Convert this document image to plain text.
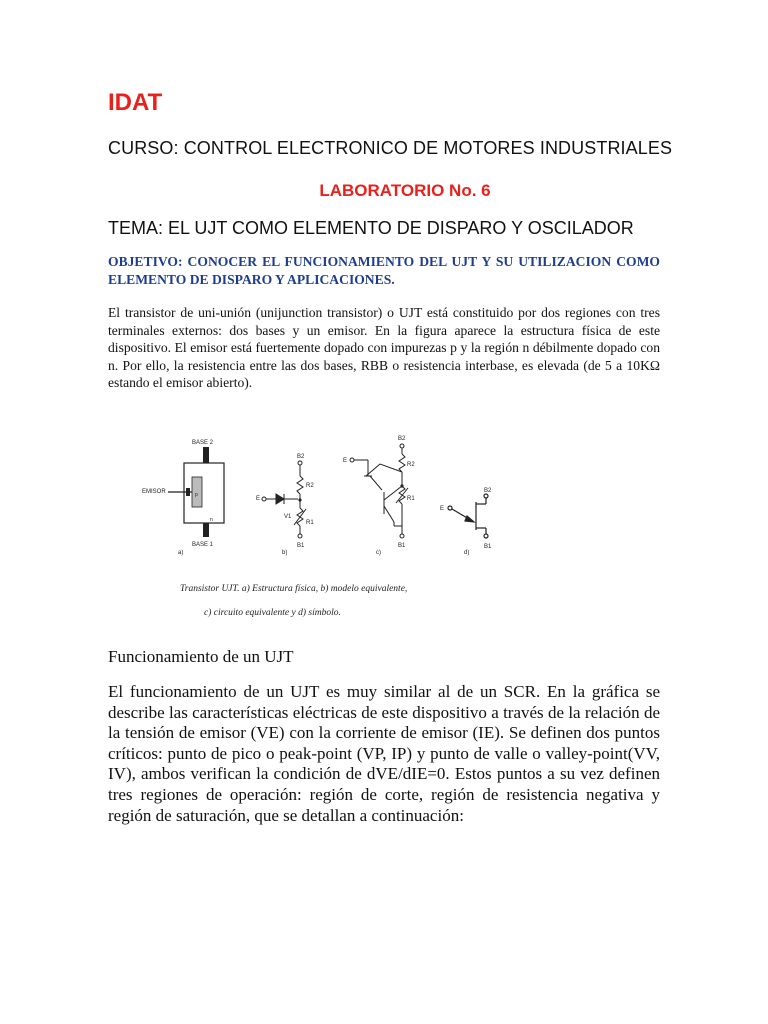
IDAT

CURSO: CONTROL ELECTRONICO DE MOTORES INDUSTRIALES

LABORATORIO No. 6

TEMA: EL UJT COMO ELEMENTO DE DISPARO Y OSCILADOR

OBJETIVO: CONOCER EL FUNCIONAMIENTO DEL UJT Y SU UTILIZACION COMO ELEMENTO DE DISPARO Y APLICACIONES.

El transistor de uni-unión (unijunction transistor) o UJT está constituido por dos regiones con tres terminales externos: dos bases y un emisor. En la figura aparece la estructura física de este dispositivo. El emisor está fuertemente dopado con impurezas p y la región n débilmente dopado con n. Por ello, la resistencia entre las dos bases, RBB o resistencia interbase, es elevada (de 5 a 10KΩ estando el emisor abierto).

BASE 2
p
EMISOR
n
BASE 1
a)
B2
R2
E
V1
R1
B1
b)
B2
R2
E
R1
B1
c)
B2
B1
E
d)

Transistor UJT. a) Estructura física, b) modelo equivalente,
c) circuito equivalente y d) símbolo.

Funcionamiento de un UJT

El funcionamiento de un UJT es muy similar al de un SCR. En la gráfica se describe las características eléctricas de este dispositivo a través de la relación de la tensión de emisor (VE) con la corriente de emisor (IE). Se definen dos puntos críticos: punto de pico o peak-point (VP, IP) y punto de valle o valley-point(VV, IV), ambos verifican la condición de dVE/dIE=0. Estos puntos a su vez definen tres regiones de operación: región de corte, región de resistencia negativa y región de saturación, que se detallan a continuación:
